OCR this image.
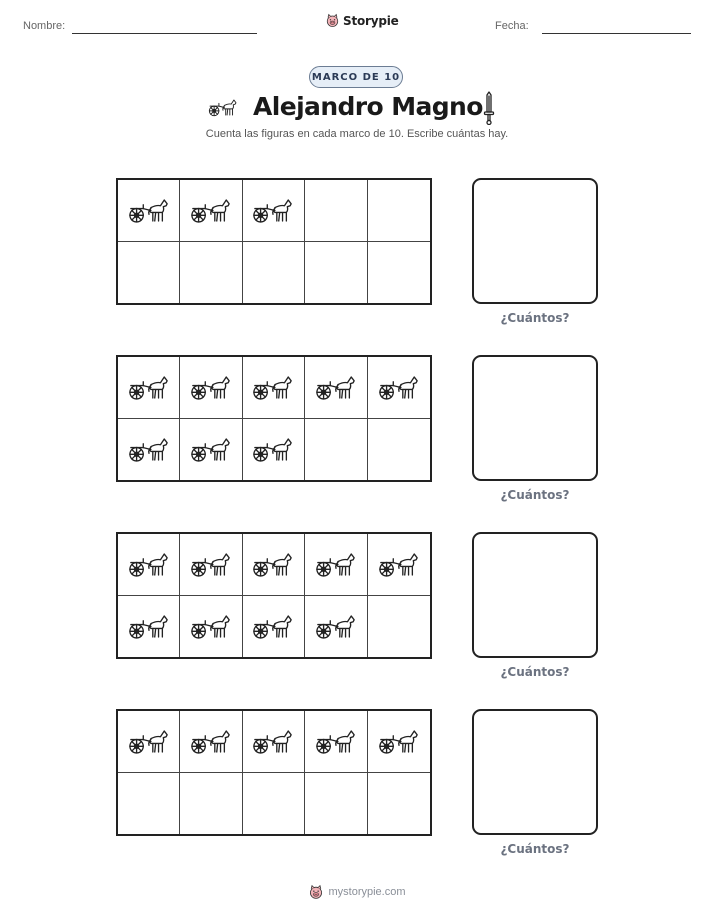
Nombre:	Storypie	Fecha:
MARCO DE 10
Alejandro Magno
Cuenta las figuras en cada marco de 10. Escribe cuántas hay.
¿Cuántos?
¿Cuántos?
¿Cuántos?
¿Cuántos?
mystorypie.com
